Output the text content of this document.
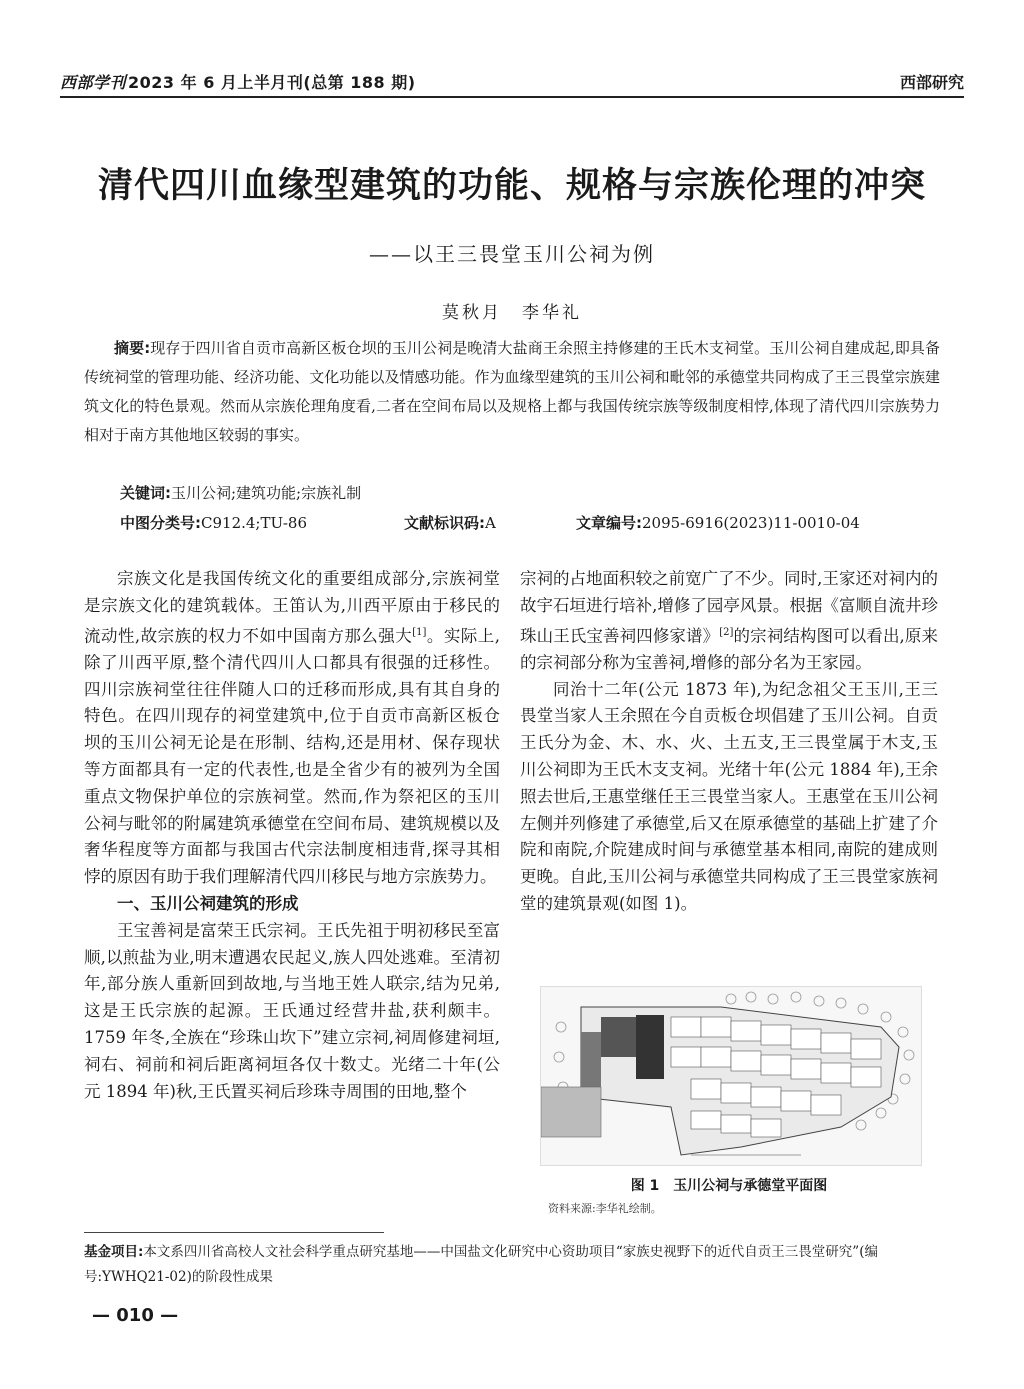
西部学刊 2023 年 6 月上半月刊(总第 188 期)	西部研究
清代四川血缘型建筑的功能、规格与宗族伦理的冲突
——以王三畏堂玉川公祠为例
莫秋月　李华礼
摘要:现存于四川省自贡市高新区板仓坝的玉川公祠是晚清大盐商王余照主持修建的王氏木支祠堂。玉川公祠自建成起,即具备传统祠堂的管理功能、经济功能、文化功能以及情感功能。作为血缘型建筑的玉川公祠和毗邻的承德堂共同构成了王三畏堂宗族建筑文化的特色景观。然而从宗族伦理角度看,二者在空间布局以及规格上都与我国传统宗族等级制度相悖,体现了清代四川宗族势力相对于南方其他地区较弱的事实。
关键词:玉川公祠;建筑功能;宗族礼制
中图分类号:C912.4;TU-86	文献标识码:A	文章编号:2095-6916(2023)11-0010-04

宗族文化是我国传统文化的重要组成部分,宗族祠堂是宗族文化的建筑载体。王笛认为,川西平原由于移民的流动性,故宗族的权力不如中国南方那么强大[1]。实际上,除了川西平原,整个清代四川人口都具有很强的迁移性。四川宗族祠堂往往伴随人口的迁移而形成,具有其自身的特色。在四川现存的祠堂建筑中,位于自贡市高新区板仓坝的玉川公祠无论是在形制、结构,还是用材、保存现状等方面都具有一定的代表性,也是全省少有的被列为全国重点文物保护单位的宗族祠堂。然而,作为祭祀区的玉川公祠与毗邻的附属建筑承德堂在空间布局、建筑规模以及奢华程度等方面都与我国古代宗法制度相违背,探寻其相悖的原因有助于我们理解清代四川移民与地方宗族势力。

一、玉川公祠建筑的形成

王宝善祠是富荣王氏宗祠。王氏先祖于明初移民至富顺,以煎盐为业,明末遭遇农民起义,族人四处逃难。至清初年,部分族人重新回到故地,与当地王姓人联宗,结为兄弟,这是王氏宗族的起源。王氏通过经营井盐,获利颇丰。1759 年冬,全族在“珍珠山坎下”建立宗祠,祠周修建祠垣,祠右、祠前和祠后距离祠垣各仅十数丈。光绪二十年(公元 1894 年)秋,王氏置买祠后珍珠寺周围的田地,整个

宗祠的占地面积较之前宽广了不少。同时,王家还对祠内的故宇石垣进行培补,增修了园亭风景。根据《富顺自流井珍珠山王氏宝善祠四修家谱》[2]的宗祠结构图可以看出,原来的宗祠部分称为宝善祠,增修的部分名为王家园。

同治十二年(公元 1873 年),为纪念祖父王玉川,王三畏堂当家人王余照在今自贡板仓坝倡建了玉川公祠。自贡王氏分为金、木、水、火、土五支,王三畏堂属于木支,玉川公祠即为王氏木支支祠。光绪十年(公元 1884 年),王余照去世后,王惠堂继任王三畏堂当家人。王惠堂在玉川公祠左侧并列修建了承德堂,后又在原承德堂的基础上扩建了介院和南院,介院建成时间与承德堂基本相同,南院的建成则更晚。自此,玉川公祠与承德堂共同构成了王三畏堂家族祠堂的建筑景观(如图 1)。

图 1　玉川公祠与承德堂平面图
资料来源:李华礼绘制。
基金项目:本文系四川省高校人文社会科学重点研究基地——中国盐文化研究中心资助项目“家族史视野下的近代自贡王三畏堂研究”(编号:YWHQ21-02)的阶段性成果
— 010 —
